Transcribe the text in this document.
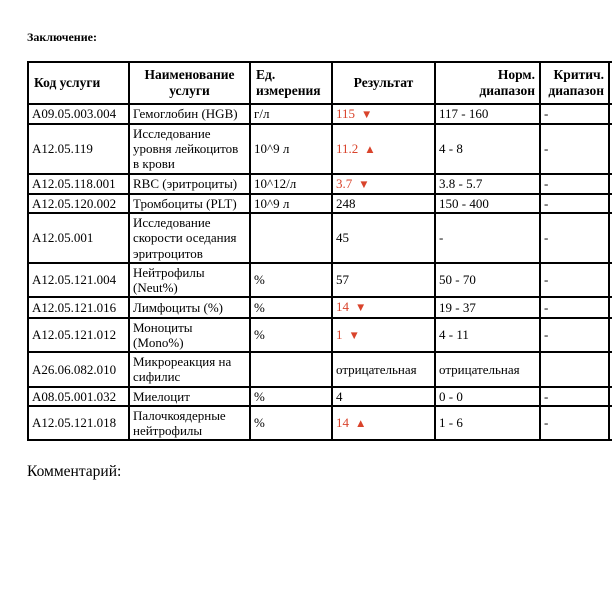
Заключение:
Код услуги	Наименование услуги	Ед. измерения	Результат	Норм. диапазон	Критич. диапазон	
A09.05.003.004	Гемоглобин (HGB)	г/л	115 ▼	117 - 160	-	
A12.05.119	Исследование уровня лейкоцитов в крови	10^9 л	11.2 ▲	4 - 8	-	
A12.05.118.001	RBC (эритроциты)	10^12/л	3.7 ▼	3.8 - 5.7	-	
A12.05.120.002	Тромбоциты (PLT)	10^9 л	248	150 - 400	-	
A12.05.001	Исследование скорости оседания эритроцитов		45	-	-	
A12.05.121.004	Нейтрофилы (Neut%)	%	57	50 - 70	-	
A12.05.121.016	Лимфоциты (%)	%	14 ▼	19 - 37	-	
A12.05.121.012	Моноциты (Mono%)	%	1 ▼	4 - 11	-	
A26.06.082.010	Микрореакция на сифилис		отрицательная	отрицательная		
A08.05.001.032	Миелоцит	%	4	0 - 0	-	
A12.05.121.018	Палочкоядерные нейтрофилы	%	14 ▲	1 - 6	-	
Комментарий:
